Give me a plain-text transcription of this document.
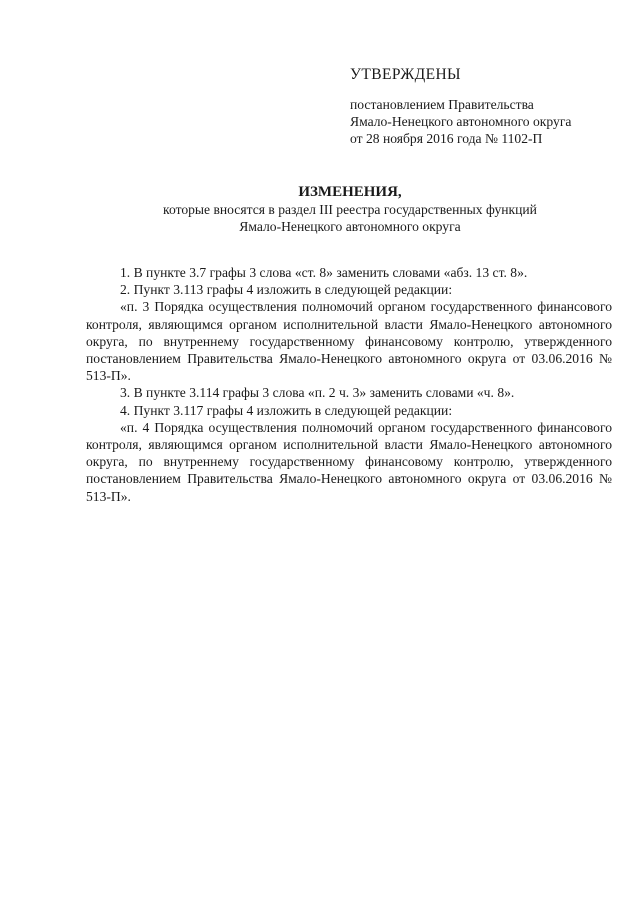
УТВЕРЖДЕНЫ

постановлением Правительства

Ямало-Ненецкого автономного округа

от 28 ноября 2016 года № 1102-П

ИЗМЕНЕНИЯ,

которые вносятся в раздел III реестра государственных функций

Ямало-Ненецкого автономного округа

1. В пункте 3.7 графы 3 слова «ст. 8» заменить словами «абз. 13 ст. 8».

2. Пункт 3.113 графы 4 изложить в следующей редакции:

«п. 3 Порядка осуществления полномочий органом государственного финансового контроля, являющимся органом исполнительной власти Ямало-Ненецкого автономного округа, по внутреннему государственному финансовому контролю, утвержденного постановлением Правительства Ямало-Ненецкого автономного округа от 03.06.2016 № 513-П».

3. В пункте 3.114 графы 3 слова «п. 2 ч. 3» заменить словами «ч. 8».

4. Пункт 3.117 графы 4 изложить в следующей редакции:

«п. 4 Порядка осуществления полномочий органом государственного финансового контроля, являющимся органом исполнительной власти Ямало-Ненецкого автономного округа, по внутреннему государственному финансовому контролю, утвержденного постановлением Правительства Ямало-Ненецкого автономного округа от 03.06.2016 № 513-П».
